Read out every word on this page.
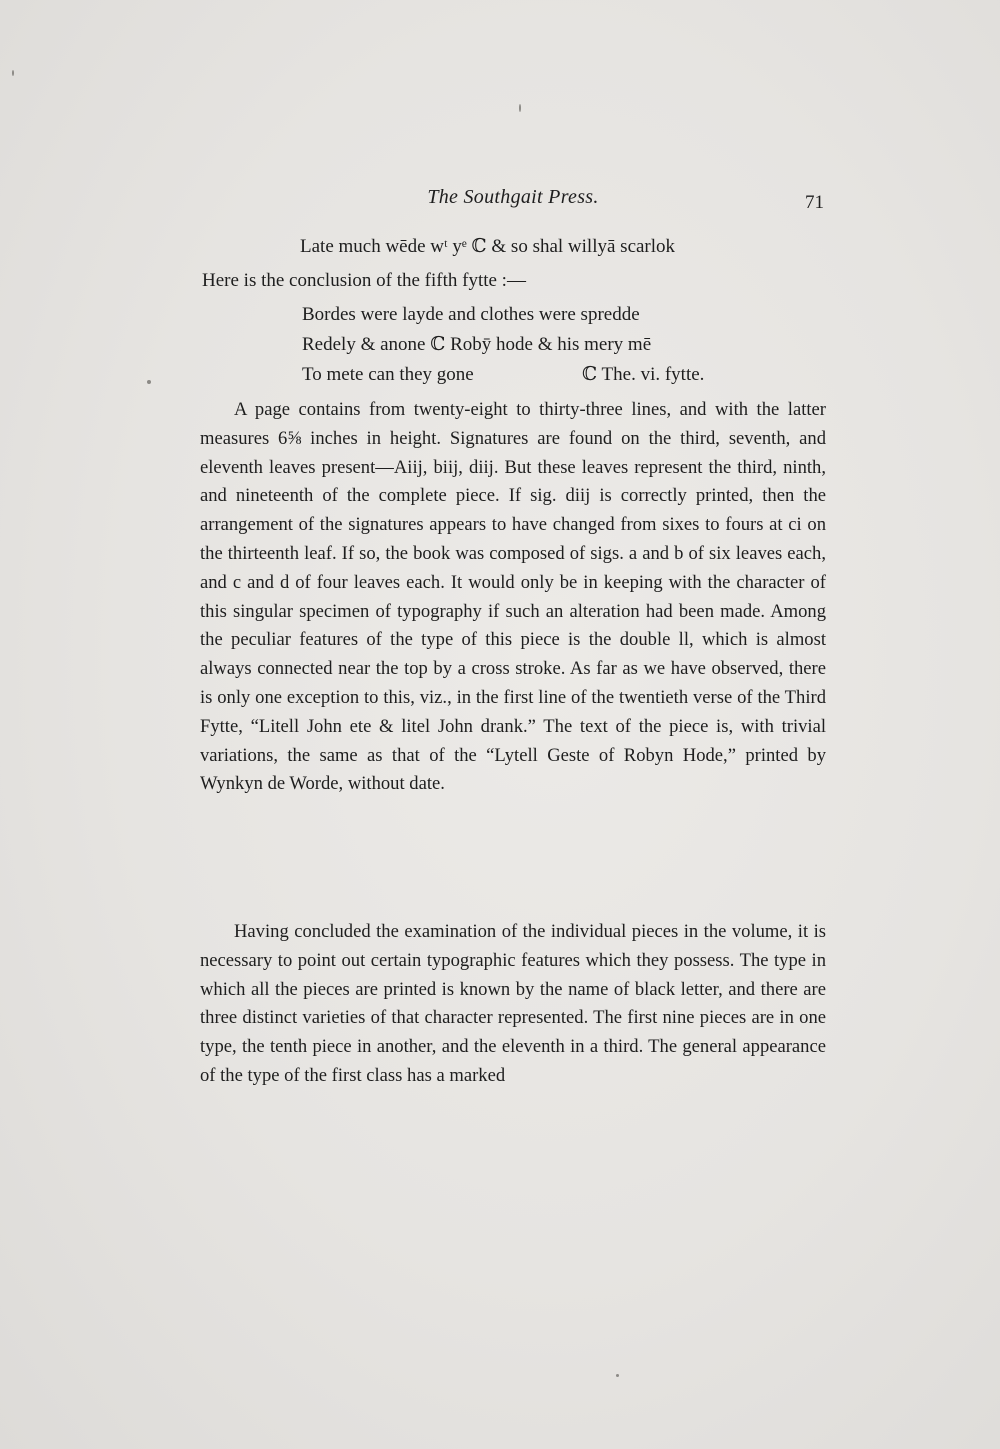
The Southgait Press.	71
Late much wēde wᵗ yᵉ ℂ & so shal willyā scarlok
Here is the conclusion of the fifth fytte :—
Bordes were layde and clothes were spredde
Redely & anone ℂ Robȳ hode & his mery mē
To mete can they gone	ℂ The. vi. fytte.

A page contains from twenty-eight to thirty-three lines, and with the latter measures 6⅝ inches in height. Signatures are found on the third, seventh, and eleventh leaves present—Aiij, biij, diij. But these leaves represent the third, ninth, and nineteenth of the complete piece. If sig. diij is correctly printed, then the arrangement of the signatures appears to have changed from sixes to fours at ci on the thirteenth leaf. If so, the book was composed of sigs. a and b of six leaves each, and c and d of four leaves each. It would only be in keeping with the character of this singular specimen of typography if such an alteration had been made. Among the peculiar features of the type of this piece is the double ll, which is almost always connected near the top by a cross stroke. As far as we have observed, there is only one exception to this, viz., in the first line of the twentieth verse of the Third Fytte, “Litell John ete & litel John drank.” The text of the piece is, with trivial variations, the same as that of the “Lytell Geste of Robyn Hode,” printed by Wynkyn de Worde, without date.

Having concluded the examination of the individual pieces in the volume, it is necessary to point out certain typographic features which they possess. The type in which all the pieces are printed is known by the name of black letter, and there are three distinct varieties of that character represented. The first nine pieces are in one type, the tenth piece in another, and the eleventh in a third. The general appearance of the type of the first class has a marked
